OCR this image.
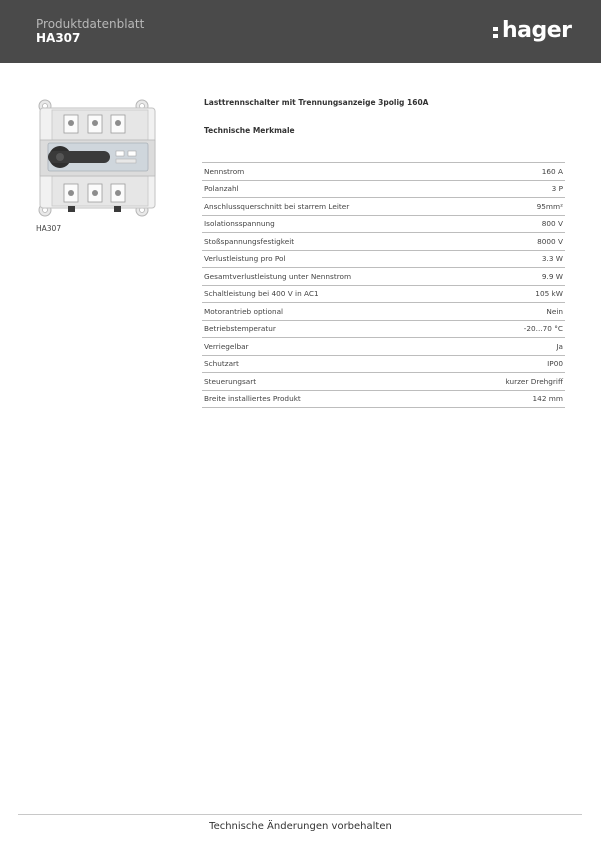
Produktdatenblatt
HA307	hager
HA307
Lasttrennschalter mit Trennungsanzeige 3polig 160A
Technische Merkmale
Nennstrom	160 A
Polanzahl	3 P
Anschlussquerschnitt bei starrem Leiter	95mm²
Isolationsspannung	800 V
Stoßspannungsfestigkeit	8000 V
Verlustleistung pro Pol	3.3 W
Gesamtverlustleistung unter Nennstrom	9.9 W
Schaltleistung bei 400 V in AC1	105 kW
Motorantrieb optional	Nein
Betriebstemperatur	-20...70 °C
Verriegelbar	Ja
Schutzart	IP00
Steuerungsart	kurzer Drehgriff
Breite installiertes Produkt	142 mm
Technische Änderungen vorbehalten
